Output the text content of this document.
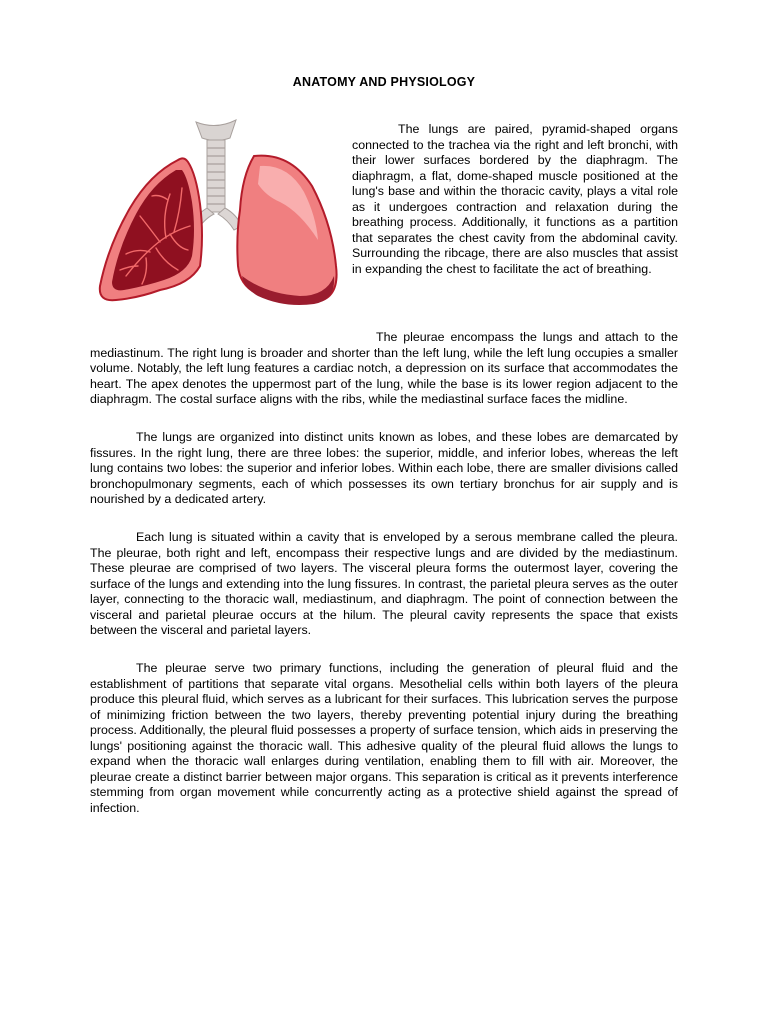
ANATOMY AND PHYSIOLOGY

The lungs are paired, pyramid-shaped organs connected to the trachea via the right and left bronchi, with their lower surfaces bordered by the diaphragm. The diaphragm, a flat, dome-shaped muscle positioned at the lung's base and within the thoracic cavity, plays a vital role as it undergoes contraction and relaxation during the breathing process. Additionally, it functions as a partition that separates the chest cavity from the abdominal cavity. Surrounding the ribcage, there are also muscles that assist in expanding the chest to facilitate the act of breathing.

The pleurae encompass the lungs and attach to the mediastinum. The right lung is broader and shorter than the left lung, while the left lung occupies a smaller volume. Notably, the left lung features a cardiac notch, a depression on its surface that accommodates the heart. The apex denotes the uppermost part of the lung, while the base is its lower region adjacent to the diaphragm. The costal surface aligns with the ribs, while the mediastinal surface faces the midline.

The lungs are organized into distinct units known as lobes, and these lobes are demarcated by fissures. In the right lung, there are three lobes: the superior, middle, and inferior lobes, whereas the left lung contains two lobes: the superior and inferior lobes. Within each lobe, there are smaller divisions called bronchopulmonary segments, each of which possesses its own tertiary bronchus for air supply and is nourished by a dedicated artery.

Each lung is situated within a cavity that is enveloped by a serous membrane called the pleura. The pleurae, both right and left, encompass their respective lungs and are divided by the mediastinum. These pleurae are comprised of two layers. The visceral pleura forms the outermost layer, covering the surface of the lungs and extending into the lung fissures. In contrast, the parietal pleura serves as the outer layer, connecting to the thoracic wall, mediastinum, and diaphragm. The point of connection between the visceral and parietal pleurae occurs at the hilum. The pleural cavity represents the space that exists between the visceral and parietal layers.

The pleurae serve two primary functions, including the generation of pleural fluid and the establishment of partitions that separate vital organs. Mesothelial cells within both layers of the pleura produce this pleural fluid, which serves as a lubricant for their surfaces. This lubrication serves the purpose of minimizing friction between the two layers, thereby preventing potential injury during the breathing process. Additionally, the pleural fluid possesses a property of surface tension, which aids in preserving the lungs' positioning against the thoracic wall. This adhesive quality of the pleural fluid allows the lungs to expand when the thoracic wall enlarges during ventilation, enabling them to fill with air. Moreover, the pleurae create a distinct barrier between major organs. This separation is critical as it prevents interference stemming from organ movement while concurrently acting as a protective shield against the spread of infection.
